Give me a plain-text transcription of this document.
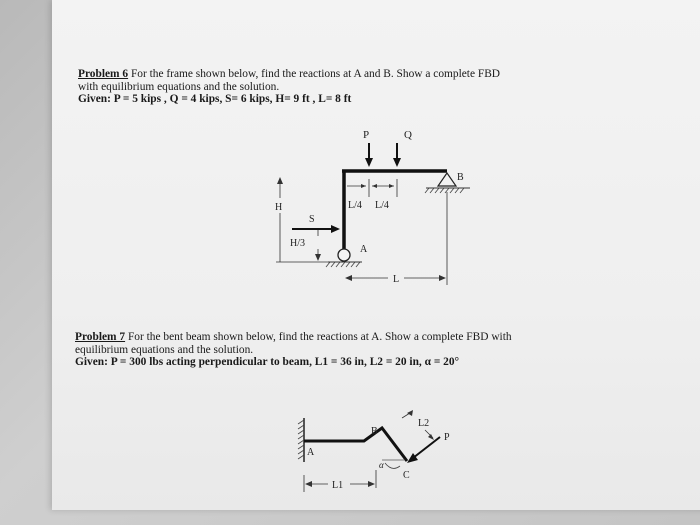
Problem 6 For the frame shown below, find the reactions at A and B. Show a complete FBD
with equilibrium equations and the solution.
Given: P = 5 kips , Q = 4 kips, S= 6 kips, H= 9 ft , L= 8 ft
P	Q
B
L/4 L/4
H
H/3
S
A
L
Problem 7 For the bent beam shown below, find the reactions at A. Show a complete FBD with
equilibrium equations and the solution.
Given: P = 300 lbs acting perpendicular to beam, L1 = 36 in, L2 = 20 in, α = 20°
A
B
C
P
L2
L1
α
